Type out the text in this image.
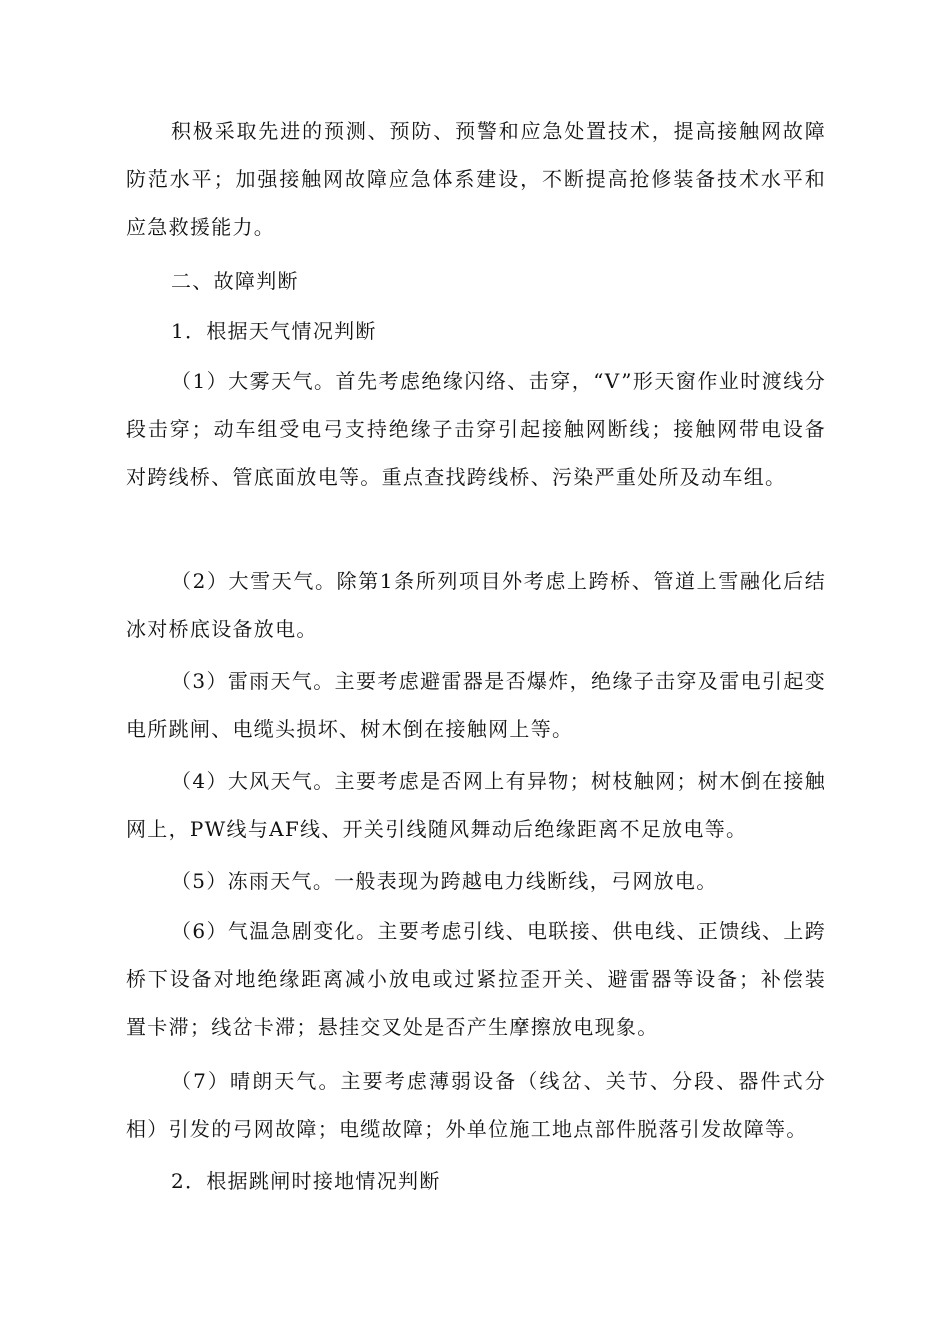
积极采取先进的预测、预防、预警和应急处置技术，提高接触网故障防范水平；加强接触网故障应急体系建设，不断提高抢修装备技术水平和应急救援能力。

二、故障判断

1．根据天气情况判断

（1）大雾天气。首先考虑绝缘闪络、击穿，“V”形天窗作业时渡线分段击穿；动车组受电弓支持绝缘子击穿引起接触网断线；接触网带电设备对跨线桥、管底面放电等。重点查找跨线桥、污染严重处所及动车组。

（2）大雪天气。除第1条所列项目外考虑上跨桥、管道上雪融化后结冰对桥底设备放电。

（3）雷雨天气。主要考虑避雷器是否爆炸，绝缘子击穿及雷电引起变电所跳闸、电缆头损坏、树木倒在接触网上等。

（4）大风天气。主要考虑是否网上有异物；树枝触网；树木倒在接触网上，PW线与AF线、开关引线随风舞动后绝缘距离不足放电等。

（5）冻雨天气。一般表现为跨越电力线断线，弓网放电。

（6）气温急剧变化。主要考虑引线、电联接、供电线、正馈线、上跨桥下设备对地绝缘距离减小放电或过紧拉歪开关、避雷器等设备；补偿装置卡滞；线岔卡滞；悬挂交叉处是否产生摩擦放电现象。

（7）晴朗天气。主要考虑薄弱设备（线岔、关节、分段、器件式分相）引发的弓网故障；电缆故障；外单位施工地点部件脱落引发故障等。

2．根据跳闸时接地情况判断
